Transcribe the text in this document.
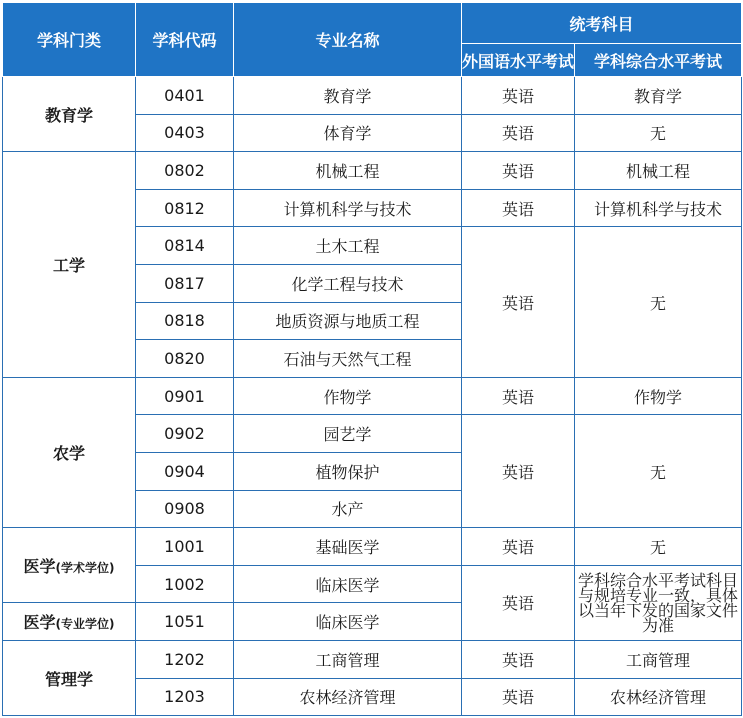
学科门类	学科代码	专业名称	统考科目	
			外国语水平考试	学科综合水平考试
教育学	0401	教育学	英语	教育学
	0403	体育学	英语	无
工学	0802	机械工程	英语	机械工程
	0812	计算机科学与技术	英语	计算机科学与技术
	0814	土木工程	英语	无
	0817	化学工程与技术		
	0818	地质资源与地质工程		
	0820	石油与天然气工程		
农学	0901	作物学	英语	作物学
	0902	园艺学	英语	无
	0904	植物保护		
	0908	水产		
医学(学术学位)	1001	基础医学	英语	无
	1002	临床医学	英语	学科综合水平考试科目与规培专业一致，具体以当年下发的国家文件为准
医学(专业学位)	1051	临床医学		
管理学	1202	工商管理	英语	工商管理
	1203	农林经济管理	英语	农林经济管理
